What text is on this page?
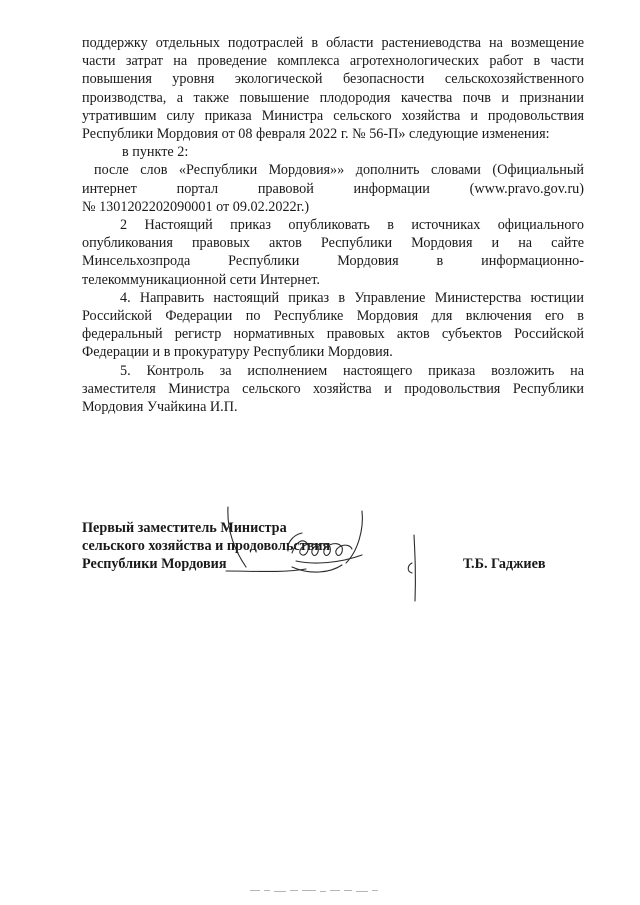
поддержку отдельных подотраслей в области растениеводства на возмещение

части затрат на проведение комплекса агротехнологических работ в части

повышения уровня экологической безопасности сельскохозяйственного

производства, а также повышение плодородия качества почв и признании

утратившим силу приказа Министра сельского хозяйства и продовольствия

Республики Мордовия от 08 февраля 2022 г. № 56-П» следующие изменения:

в пункте 2:

после слов «Республики Мордовия»» дополнить словами (Официальный

интернет портал правовой информации (www.pravo.gov.ru)

№ 1301202202090001 от 09.02.2022г.)

2 Настоящий приказ опубликовать в источниках официального

опубликования правовых актов Республики Мордовия и на сайте

Минсельхозпрода Республики Мордовия в информационно-

телекоммуникационной сети Интернет.

4. Направить настоящий приказ в Управление Министерства юстиции

Российской Федерации по Республике Мордовия для включения его в

федеральный регистр нормативных правовых актов субъектов Российской

Федерации и в прокуратуру Республики Мордовия.

5. Контроль за исполнением настоящего приказа возложить на

заместителя Министра сельского хозяйства и продовольствия Республики

Мордовия Учайкина И.П.

Первый заместитель Министра

сельского хозяйства и продовольствия

Республики Мордовия	Т.Б. Гаджиев
